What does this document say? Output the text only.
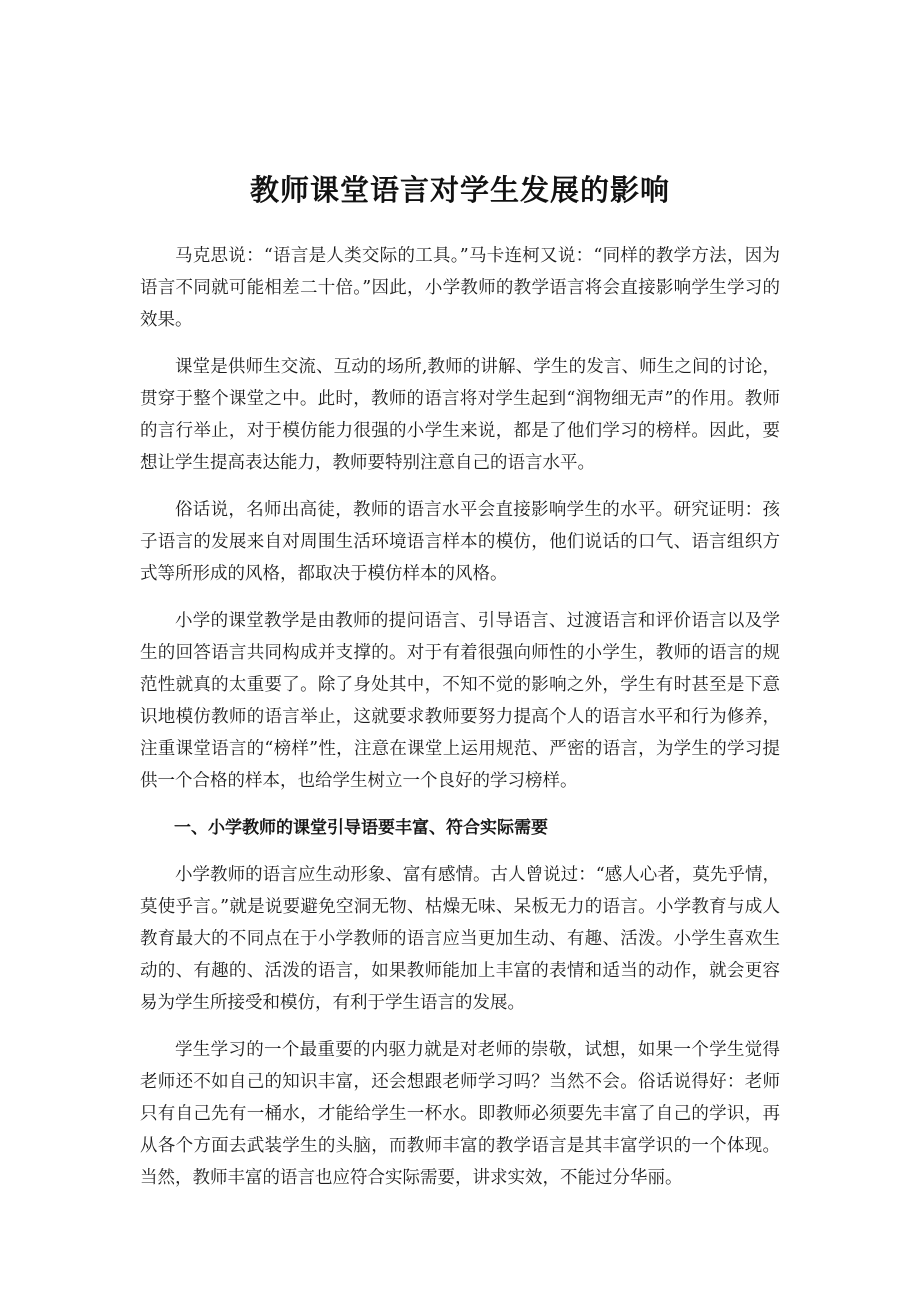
教师课堂语言对学生发展的影响

马克思说：“语言是人类交际的工具。”马卡连柯又说：“同样的教学方法，因为语言不同就可能相差二十倍。”因此，小学教师的教学语言将会直接影响学生学习的效果。

课堂是供师生交流、互动的场所,教师的讲解、学生的发言、师生之间的讨论，贯穿于整个课堂之中。此时，教师的语言将对学生起到“润物细无声”的作用。教师的言行举止，对于模仿能力很强的小学生来说，都是了他们学习的榜样。因此，要想让学生提高表达能力，教师要特别注意自己的语言水平。

俗话说，名师出高徒，教师的语言水平会直接影响学生的水平。研究证明：孩子语言的发展来自对周围生活环境语言样本的模仿，他们说话的口气、语言组织方式等所形成的风格，都取决于模仿样本的风格。

小学的课堂教学是由教师的提问语言、引导语言、过渡语言和评价语言以及学生的回答语言共同构成并支撑的。对于有着很强向师性的小学生，教师的语言的规范性就真的太重要了。除了身处其中，不知不觉的影响之外，学生有时甚至是下意识地模仿教师的语言举止，这就要求教师要努力提高个人的语言水平和行为修养，注重课堂语言的“榜样”性，注意在课堂上运用规范、严密的语言，为学生的学习提供一个合格的样本，也给学生树立一个良好的学习榜样。

一、小学教师的课堂引导语要丰富、符合实际需要

小学教师的语言应生动形象、富有感情。古人曾说过：“感人心者，莫先乎情，莫使乎言。”就是说要避免空洞无物、枯燥无味、呆板无力的语言。小学教育与成人教育最大的不同点在于小学教师的语言应当更加生动、有趣、活泼。小学生喜欢生动的、有趣的、活泼的语言，如果教师能加上丰富的表情和适当的动作，就会更容易为学生所接受和模仿，有利于学生语言的发展。

学生学习的一个最重要的内驱力就是对老师的崇敬，试想，如果一个学生觉得老师还不如自己的知识丰富，还会想跟老师学习吗？当然不会。俗话说得好：老师只有自己先有一桶水，才能给学生一杯水。即教师必须要先丰富了自己的学识，再从各个方面去武装学生的头脑，而教师丰富的教学语言是其丰富学识的一个体现。当然，教师丰富的语言也应符合实际需要，讲求实效，不能过分华丽。
